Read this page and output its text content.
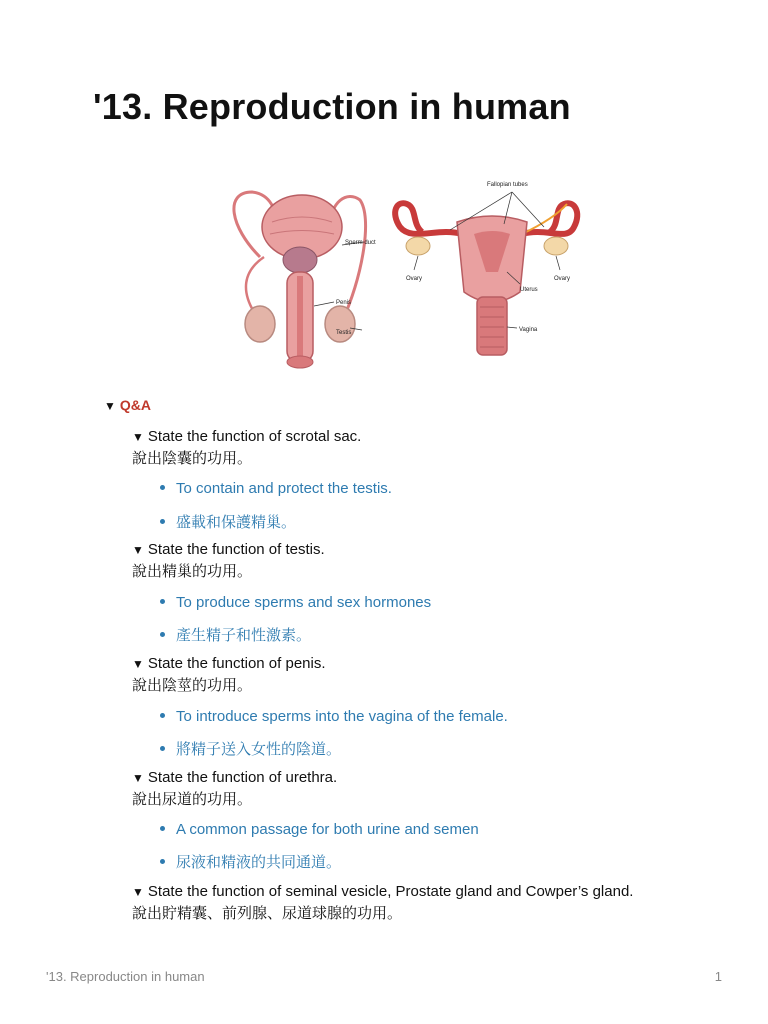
'13. Reproduction in human
Sperm duct
Penis
Testis
Fallopian tubes
Ovary	Ovary
Uterus
Vagina
▼ Q&A
▼ State the function of scrotal sac.
說出陰囊的功用。
To contain and protect the testis.
盛載和保護精巢。
▼ State the function of testis.
說出精巢的功用。
To produce sperms and sex hormones
產生精子和性激素。
▼ State the function of penis.
說出陰莖的功用。
To introduce sperms into the vagina of the female.
將精子送入女性的陰道。
▼ State the function of urethra.
說出尿道的功用。
A common passage for both urine and semen
尿液和精液的共同通道。
▼ State the function of seminal vesicle, Prostate gland and Cowper’s gland.
說出貯精囊、前列腺、尿道球腺的功用。
'13. Reproduction in human	1
